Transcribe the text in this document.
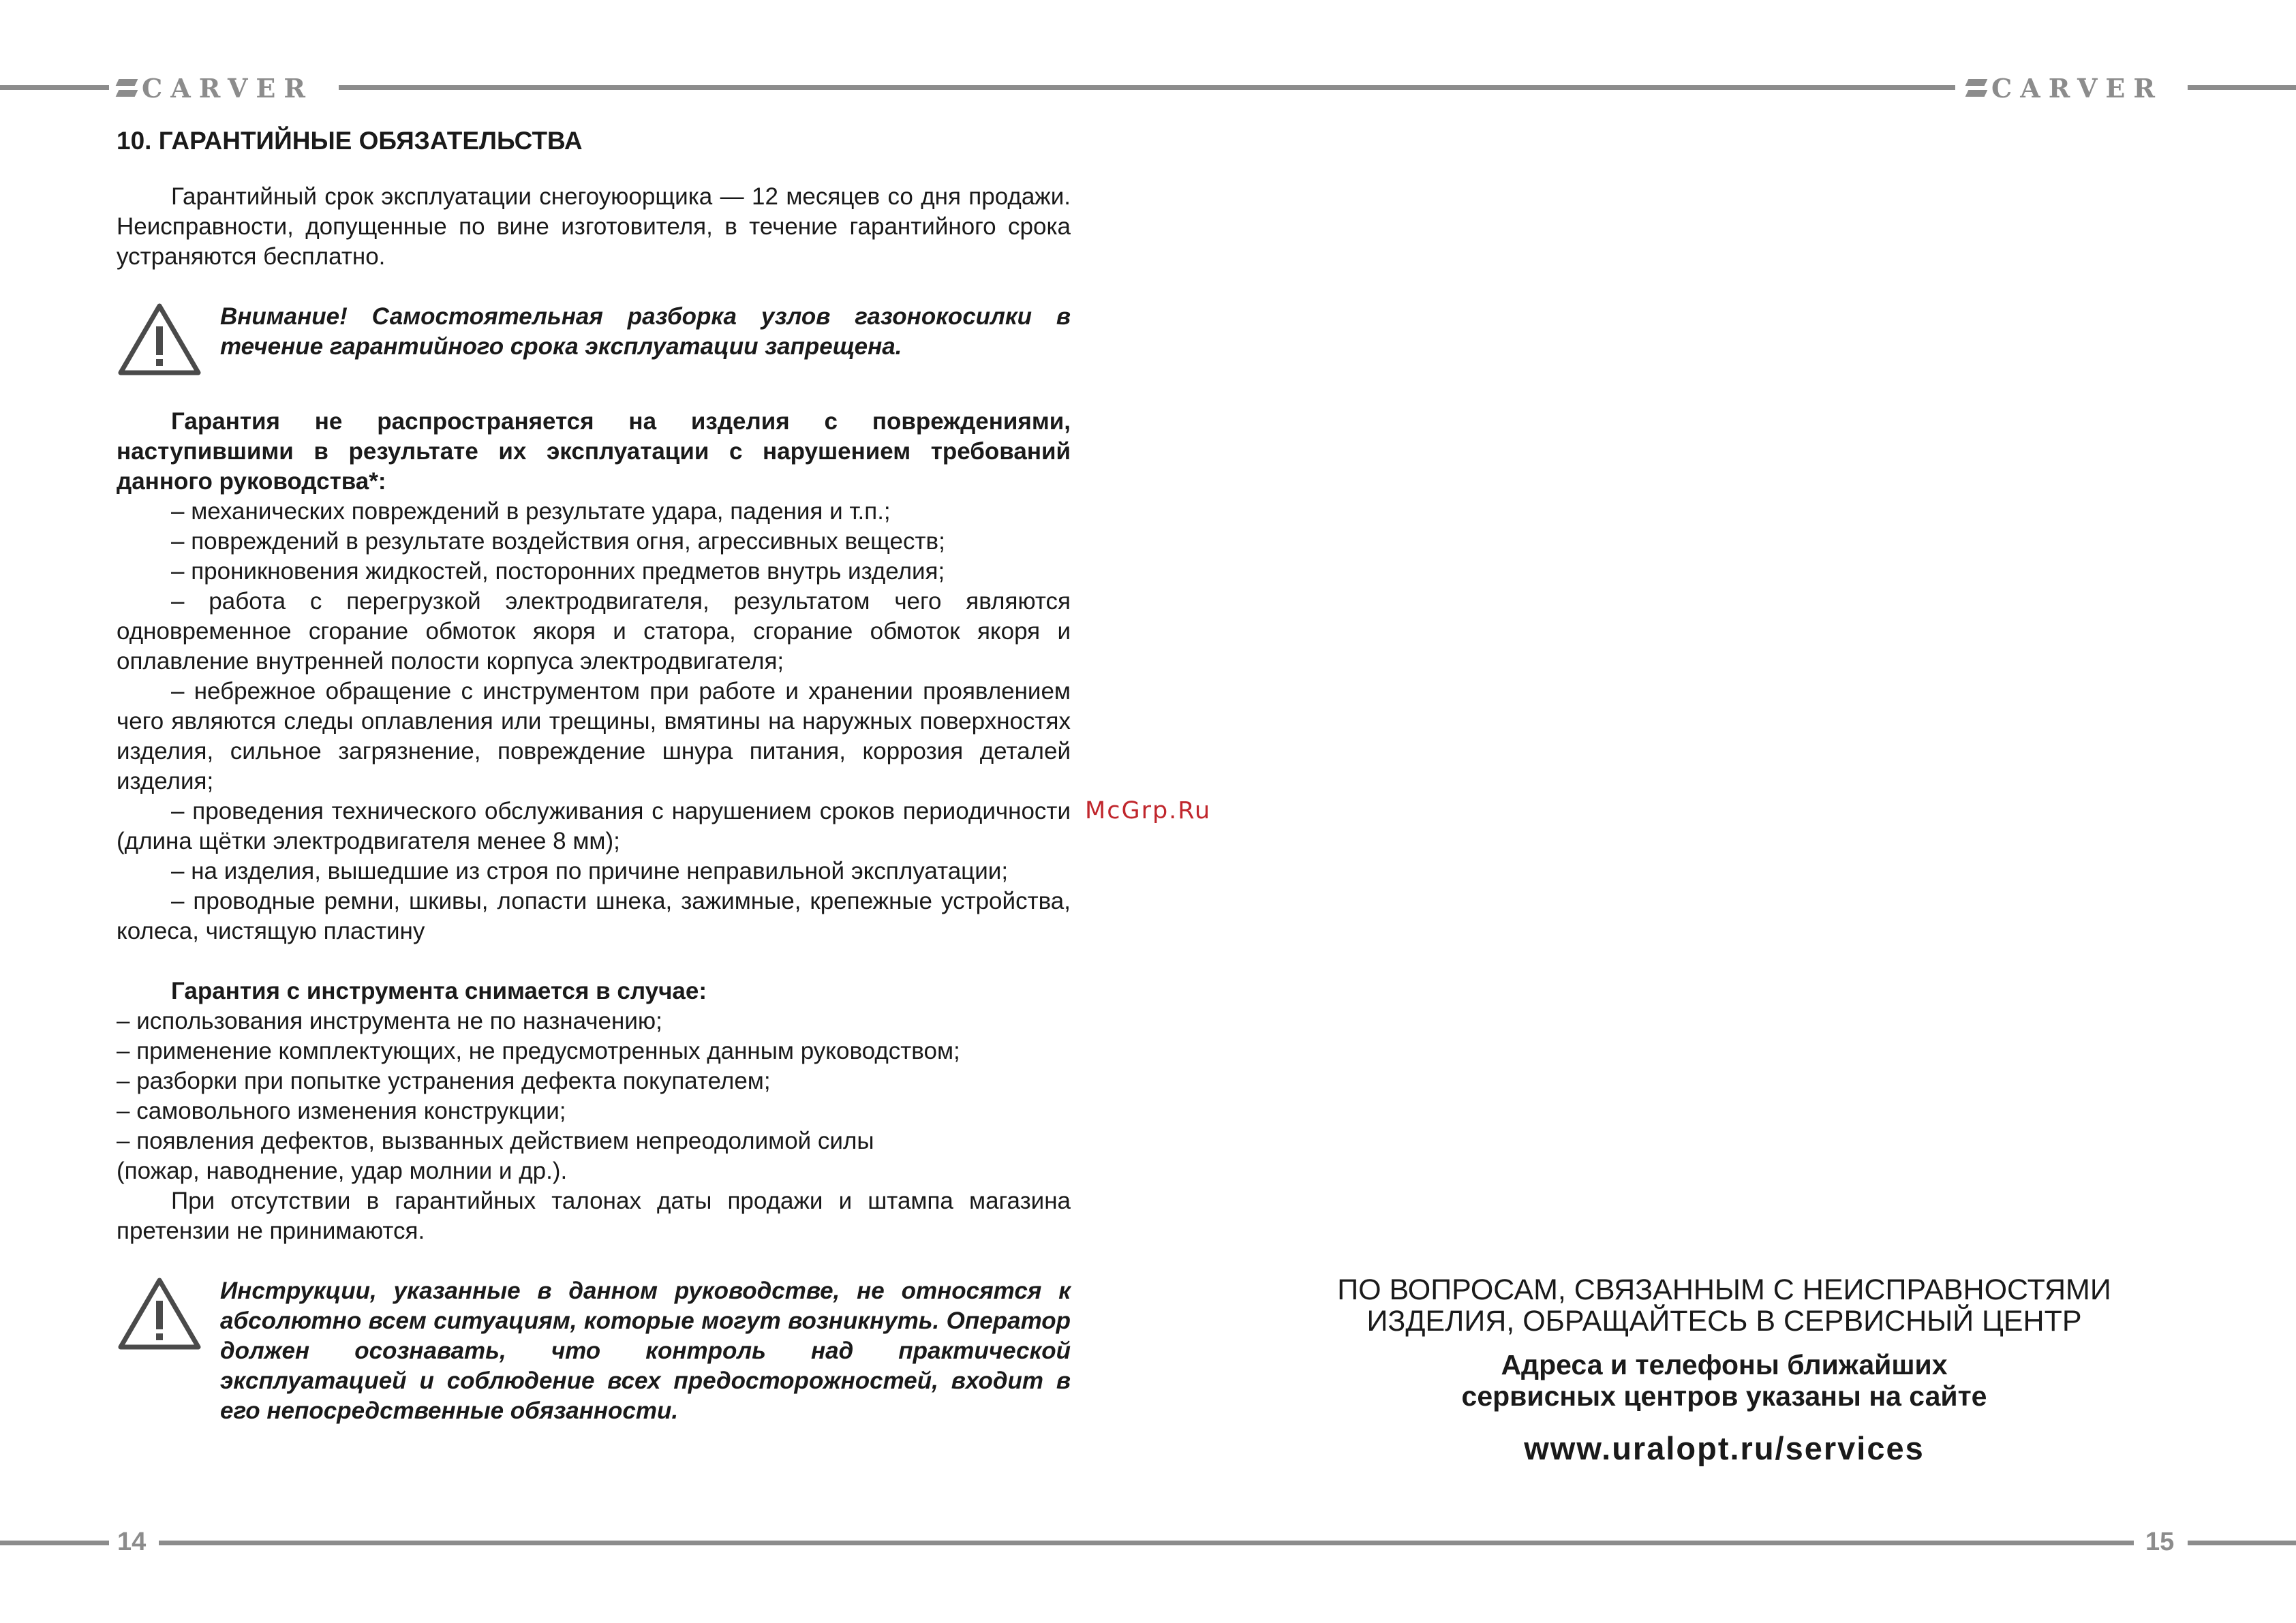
CARVER	CARVER
14	15
10. ГАРАНТИЙНЫЕ ОБЯЗАТЕЛЬСТВА

Гарантийный срок эксплуатации снегоуюорщика — 12 месяцев со дня продажи. Неисправности, допущенные по вине изготовителя, в течение гарантийного срока устраняются бесплатно.

Внимание! Самостоятельная разборка узлов газонокосилки в течение гарантийного срока эксплуатации запрещена.

Гарантия не распространяется на изделия с повреждениями, наступившими в результате их эксплуатации с нарушением требований данного руководства*:

– механических повреждений в результате удара, падения и т.п.;
– повреждений в результате воздействия огня, агрессивных веществ;
– проникновения жидкостей, посторонних предметов внутрь изделия;
– работа с перегрузкой электродвигателя, результатом чего являются одновременное сгорание обмоток якоря и статора, сгорание обмоток якоря и оплавление внутренней полости корпуса электродвигателя;
– небрежное обращение с инструментом при работе и хранении проявлением чего являются следы оплавления или трещины, вмятины на наружных поверхностях изделия, сильное загрязнение, повреждение шнура питания, коррозия деталей изделия;
– проведения технического обслуживания с нарушением сроков периодичности (длина щётки электродвигателя менее 8 мм);
– на изделия, вышедшие из строя по причине неправильной эксплуатации;
– проводные ремни, шкивы, лопасти шнека, зажимные, крепежные устройства, колеса, чистящую пластину

Гарантия с инструмента снимается в случае:

– использования инструмента не по назначению;
– применение комплектующих, не предусмотренных данным руководством;
– разборки при попытке устранения дефекта покупателем;
– самовольного изменения конструкции;
– появления дефектов, вызванных действием непреодолимой силы
(пожар, наводнение, удар молнии и др.).

При отсутствии в гарантийных талонах даты продажи и штампа магазина претензии не принимаются.

Инструкции, указанные в данном руководстве, не относятся к абсолютно всем ситуациям, которые могут возникнуть. Оператор должен осознавать, что контроль над практической эксплуатацией и соблюдение всех предосторожностей, входит в его непосредственные обязанности.
McGrp.Ru

ПО ВОПРОСАМ, СВЯЗАННЫМ С НЕИСПРАВНОСТЯМИ

ИЗДЕЛИЯ, ОБРАЩАЙТЕСЬ В СЕРВИСНЫЙ ЦЕНТР

Адреса и телефоны ближайших

сервисных центров указаны на сайте

www.uralopt.ru/services
